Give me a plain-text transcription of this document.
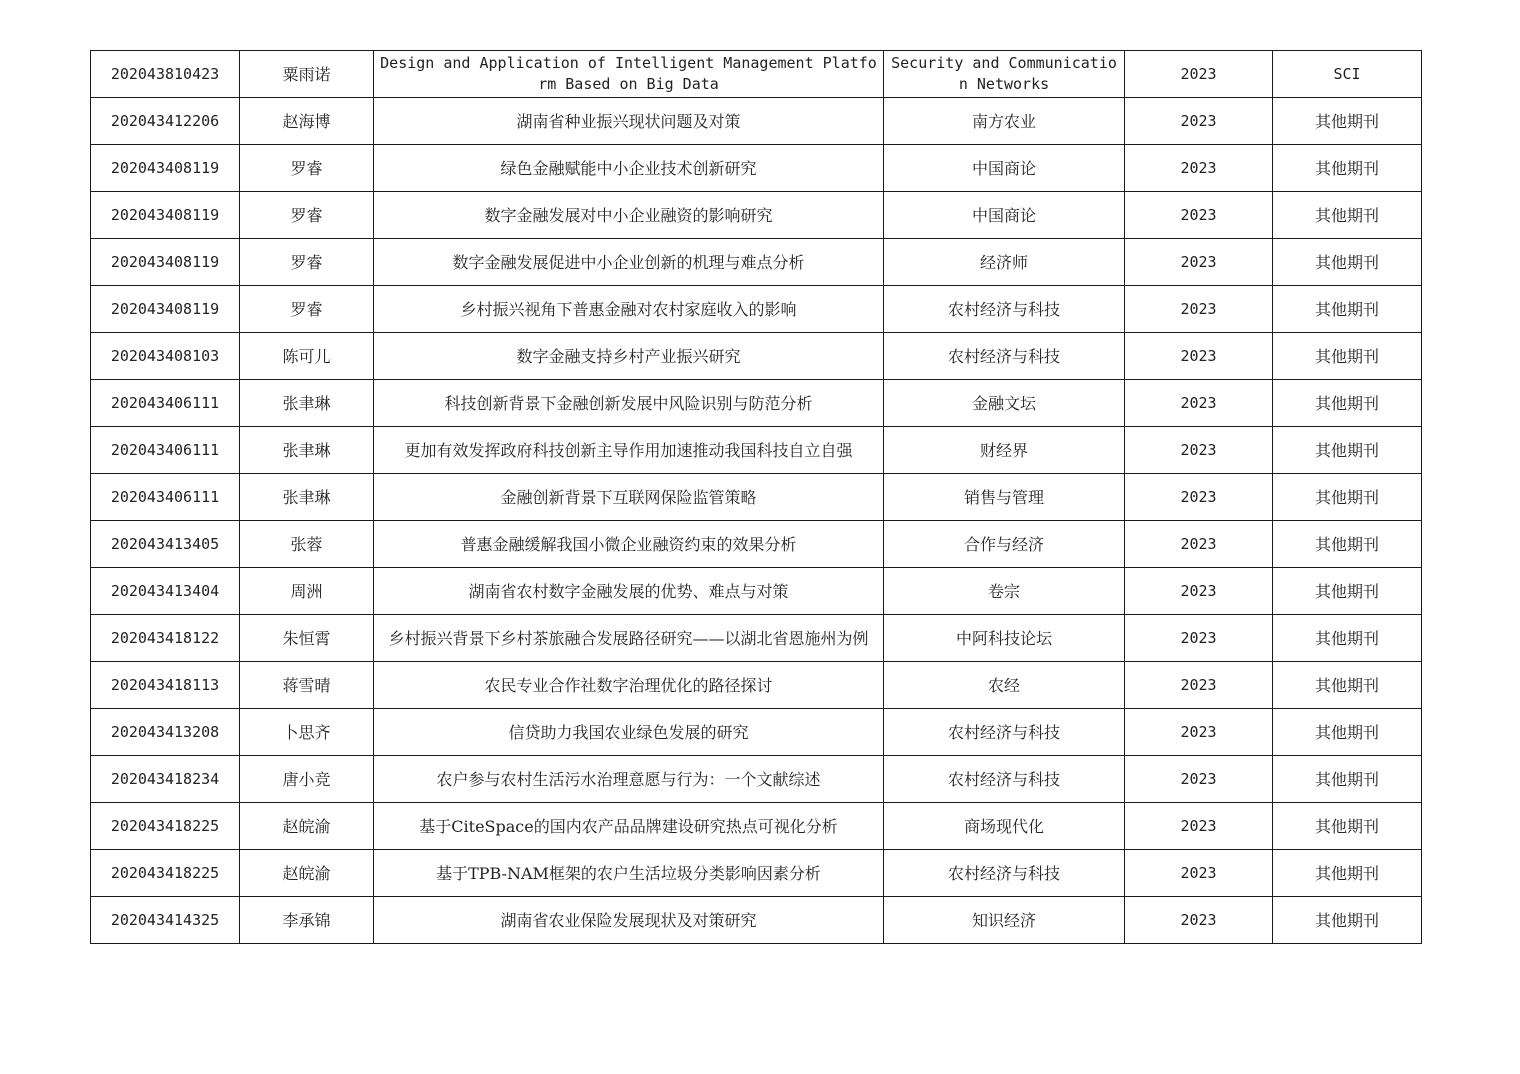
202043810423	粟雨诺	Design and Application of Intelligent Management Platform Based on Big Data	Security and Communication Networks	2023	SCI
202043412206	赵海博	湖南省种业振兴现状问题及对策	南方农业	2023	其他期刊
202043408119	罗睿	绿色金融赋能中小企业技术创新研究	中国商论	2023	其他期刊
202043408119	罗睿	数字金融发展对中小企业融资的影响研究	中国商论	2023	其他期刊
202043408119	罗睿	数字金融发展促进中小企业创新的机理与难点分析	经济师	2023	其他期刊
202043408119	罗睿	乡村振兴视角下普惠金融对农村家庭收入的影响	农村经济与科技	2023	其他期刊
202043408103	陈可儿	数字金融支持乡村产业振兴研究	农村经济与科技	2023	其他期刊
202043406111	张聿琳	科技创新背景下金融创新发展中风险识别与防范分析	金融文坛	2023	其他期刊
202043406111	张聿琳	更加有效发挥政府科技创新主导作用加速推动我国科技自立自强	财经界	2023	其他期刊
202043406111	张聿琳	金融创新背景下互联网保险监管策略	销售与管理	2023	其他期刊
202043413405	张蓉	普惠金融缓解我国小微企业融资约束的效果分析	合作与经济	2023	其他期刊
202043413404	周洲	湖南省农村数字金融发展的优势、难点与对策	卷宗	2023	其他期刊
202043418122	朱恒霄	乡村振兴背景下乡村茶旅融合发展路径研究——以湖北省恩施州为例	中阿科技论坛	2023	其他期刊
202043418113	蒋雪晴	农民专业合作社数字治理优化的路径探讨	农经	2023	其他期刊
202043413208	卜思齐	信贷助力我国农业绿色发展的研究	农村经济与科技	2023	其他期刊
202043418234	唐小竞	农户参与农村生活污水治理意愿与行为：一个文献综述	农村经济与科技	2023	其他期刊
202043418225	赵皖渝	基于CiteSpace的国内农产品品牌建设研究热点可视化分析	商场现代化	2023	其他期刊
202043418225	赵皖渝	基于TPB-NAM框架的农户生活垃圾分类影响因素分析	农村经济与科技	2023	其他期刊
202043414325	李承锦	湖南省农业保险发展现状及对策研究	知识经济	2023	其他期刊
